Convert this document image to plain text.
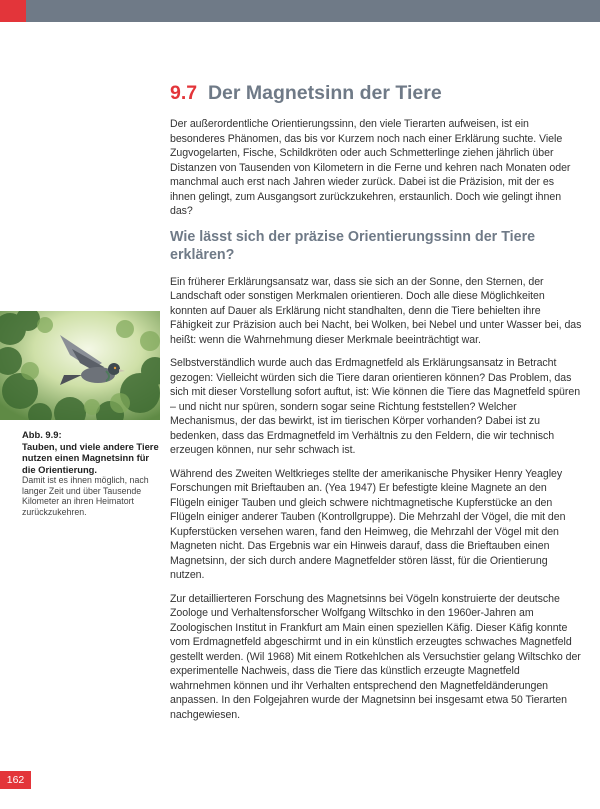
9.7 Der Magnetsinn der Tiere

Der außerordentliche Orientierungssinn, den viele Tierarten aufweisen, ist ein besonderes Phänomen, das bis vor Kurzem noch nach einer Erklärung suchte. Viele Zugvogelarten, Fische, Schildkröten oder auch Schmetterlinge ziehen jährlich über Distanzen von Tausenden von Kilometern in die Ferne und kehren nach Monaten oder manchmal auch erst nach Jahren wieder zurück. Dabei ist die Präzision, mit der es ihnen gelingt, zum Ausgangsort zurückzukehren, erstaunlich. Doch wie gelingt ihnen das?

Wie lässt sich der präzise Orientierungssinn der Tiere erklären?

Ein früherer Erklärungsansatz war, dass sie sich an der Sonne, den Sternen, der Landschaft oder sonstigen Merkmalen orientieren. Doch alle diese Möglichkeiten konnten auf Dauer als Erklärung nicht standhalten, denn die Tiere behielten ihre Fähigkeit zur Präzision auch bei Nacht, bei Wolken, bei Nebel und unter Wasser bei, das heißt: wenn die Wahrnehmung dieser Merkmale beeinträchtigt war.

Selbstverständlich wurde auch das Erdmagnetfeld als Erklärungsansatz in Betracht gezogen: Vielleicht würden sich die Tiere daran orientieren können? Das Problem, das sich mit dieser Vorstellung sofort auftut, ist: Wie können die Tiere das Magnetfeld spüren – und nicht nur spüren, sondern sogar seine Richtung feststellen? Welcher Mechanismus, der das bewirkt, ist im tierischen Körper vorhanden? Dabei ist zu bedenken, dass das Erdmagnetfeld im Verhältnis zu den Feldern, die wir technisch erzeugen können, nur sehr schwach ist.

Während des Zweiten Weltkrieges stellte der amerikanische Physiker Henry Yeagley Forschungen mit Brieftauben an. (Yea 1947) Er befestigte kleine Magnete an den Flügeln einiger Tauben und gleich schwere nichtmagnetische Kupferstücke an den Flügeln einiger anderer Tauben (Kontrollgruppe). Die Mehrzahl der Vögel, die mit den Kupferstücken versehen waren, fand den Heimweg, die Mehrzahl der Vögel mit den Magneten nicht. Das Ergebnis war ein Hinweis darauf, dass die Brieftauben einen Magnetsinn, der sich durch andere Magnetfelder stören lässt, für die Orientierung nutzen.

Zur detaillierteren Forschung des Magnetsinns bei Vögeln konstruierte der deutsche Zoologe und Verhaltensforscher Wolfgang Wiltschko in den 1960er-Jahren am Zoologischen Institut in Frankfurt am Main einen speziellen Käfig. Dieser Käfig konnte vom Erdmagnetfeld abgeschirmt und in ein künstlich erzeugtes schwaches Magnetfeld gestellt werden. (Wil 1968) Mit einem Rotkehlchen als Versuchstier gelang Wiltschko der experimentelle Nachweis, dass die Tiere das künstlich erzeugte Magnetfeld wahrnehmen können und ihr Verhalten entsprechend den Magnetfeldänderungen anpassen. In den Folgejahren wurde der Magnetsinn bei insgesamt etwa 50 Tierarten nachgewiesen.

Abb. 9.9:
Tauben, und viele andere Tiere nutzen einen Magnetsinn für die Orientierung.
Damit ist es ihnen möglich, nach langer Zeit und über Tausende Kilometer an ihren Heimatort zurückzukehren.
162
